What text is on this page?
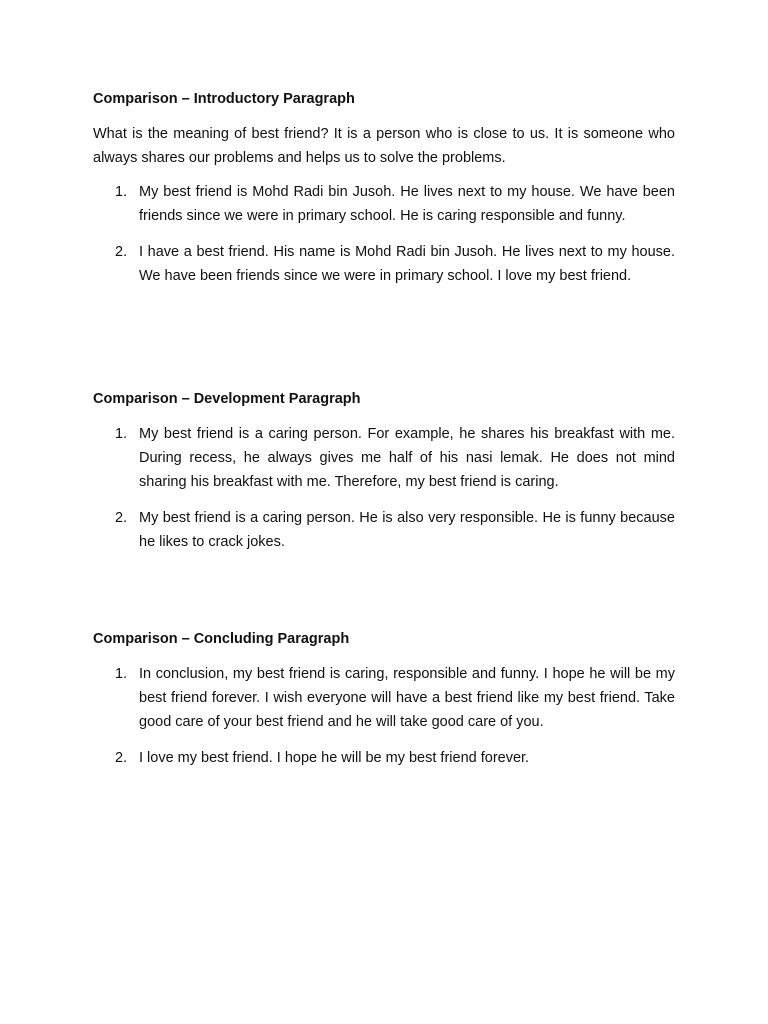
Comparison – Introductory Paragraph

What is the meaning of best friend? It is a person who is close to us. It is someone who always shares our problems and helps us to solve the problems.

1. My best friend is Mohd Radi bin Jusoh. He lives next to my house. We have been friends since we were in primary school. He is caring responsible and funny.
2. I have a best friend. His name is Mohd Radi bin Jusoh. He lives next to my house. We have been friends since we were in primary school. I love my best friend.
Comparison – Development Paragraph
1. My best friend is a caring person. For example, he shares his breakfast with me. During recess, he always gives me half of his nasi lemak. He does not mind sharing his breakfast with me. Therefore, my best friend is caring.
2. My best friend is a caring person. He is also very responsible. He is funny because he likes to crack jokes.
Comparison – Concluding Paragraph
1. In conclusion, my best friend is caring, responsible and funny. I hope he will be my best friend forever. I wish everyone will have a best friend like my best friend. Take good care of your best friend and he will take good care of you.
2. I love my best friend. I hope he will be my best friend forever.
